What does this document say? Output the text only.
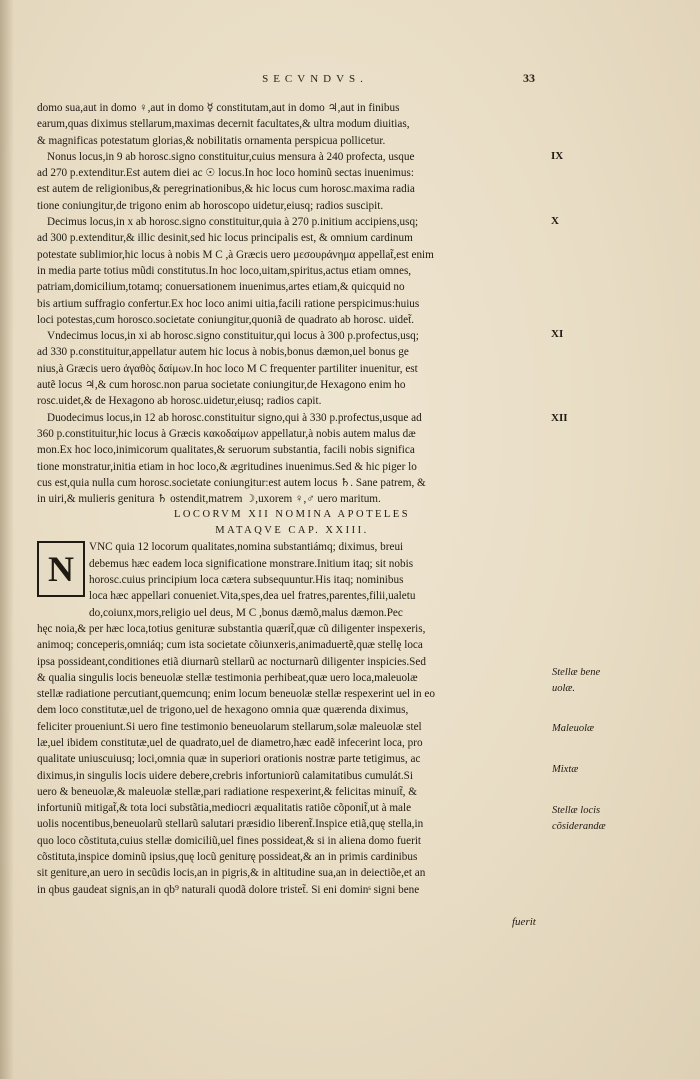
SECVNDVS.	33
domo sua,aut in domo ♀,aut in domo ☿ constitutam,aut in domo ♃,aut in finibus
earum,quas diximus stellarum,maximas decernit facultates,& ultra modum diuitias,
& magnificas potestatum glorias,& nobilitatis ornamenta perspicua pollicetur.
Nonus locus,in 9 ab horosc.signo constituitur,cuius mensura à 240 profecta, usque
ad 270 p.extenditur.Est autem diei ac ☉ locus.In hoc loco hominũ sectas inuenimus:
est autem de religionibus,& peregrinationibus,& hic locus cum horosc.maxima radia
tione coniungitur,de trigono enim ab horoscopo uidetur,eiusq; radios suscipit.
Decimus locus,in x ab horosc.signo constituitur,quia à 270 p.initium accipiens,usq;
ad 300 p.extenditur,& illic desinit,sed hic locus principalis est, & omnium cardinum
potestate sublimior,hic locus à nobis M C ,à Græcis uero μεσουράνημα appellat̃,est enim
in media parte totius mũdi constitutus.In hoc loco,uitam,spiritus,actus etiam omnes,
patriam,domicilium,totamq; conuersationem inuenimus,artes etiam,& quicquid no
bis artium suffragio confertur.Ex hoc loco animi uitia,facili ratione perspicimus:huius
loci potestas,cum horosco.societate coniungitur,quoniã de quadrato ab horosc. uidet̃.
Vndecimus locus,in xi ab horosc.signo constituitur,qui locus à 300 p.profectus,usq;
ad 330 p.constituitur,appellatur autem hic locus à nobis,bonus dæmon,uel bonus ge
nius,à Græcis uero ἀγαθὸς δαίμων.In hoc loco M C frequenter partiliter inuenitur, est
autẽ locus ♃,& cum horosc.non parua societate coniungitur,de Hexagono enim ho
rosc.uidet,& de Hexagono ab horosc.uidetur,eiusq; radios capit.
Duodecimus locus,in 12 ab horosc.constituitur signo,qui à 330 p.profectus,usque ad
360 p.constituitur,hic locus à Græcis κακοδαίμων appellatur,à nobis autem malus dæ
mon.Ex hoc loco,inimicorum qualitates,& seruorum substantia, facili nobis significa
tione monstratur,initia etiam in hoc loco,& ægritudines inuenimus.Sed & hic piger lo
cus est,quia nulla cum horosc.societate coniungitur:est autem locus ♄. Sane patrem, &
in uiri,& mulieris genitura ♄ ostendit,matrem ☽,uxorem ♀,♂ uero maritum.
LOCORVM XII NOMINA APOTELES
MATAQVE CAP. XXIII.
N
VNC quia 12 locorum qualitates,nomina substantiámq; diximus, breui
debemus hæc eadem loca significatione monstrare.Initium itaq; sit nobis
horosc.cuius principium loca cætera subsequuntur.His itaq; nominibus
loca hæc appellari conueniet.Vita,spes,dea uel fratres,parentes,filii,ualetu
do,coiunx,mors,religio uel deus, M C ,bonus dæmõ,malus dæmon.Pec
hęc noia,& per hæc loca,totius genituræ substantia quærit̃,quæ cũ diligenter inspexeris,
animoq; conceperis,omniáq; cum ista societate cõiunxeris,animaduertẽ,quæ stellę loca
ipsa possideant,conditiones etiã diurnarũ stellarũ ac nocturnarũ diligenter inspicies.Sed
& qualia singulis locis beneuolæ stellæ testimonia perhibeat,quæ uero loca,maleuolæ
stellæ radiatione percutiant,quemcunq; enim locum beneuolæ stellæ respexerint uel in eo
dem loco constitutæ,uel de trigono,uel de hexagono omnia quæ quærenda diximus,
feliciter proueniunt.Si uero fine testimonio beneuolarum stellarum,solæ maleuolæ stel
læ,uel ibidem constitutæ,uel de quadrato,uel de diametro,hæc eadẽ infecerint loca, pro
qualitate uniuscuiusq; loci,omnia quæ in superiori orationis nostræ parte tetigimus, ac
diximus,in singulis locis uidere debere,crebris infortuniorũ calamitatibus cumulát.Si
uero & beneuolæ,& maleuolæ stellæ,pari radiatione respexerint,& felicitas minuit̃, &
infortuniũ mitigat̃,& tota loci substãtia,mediocri æqualitatis ratiõe cõponit̃,ut à male
uolis nocentibus,beneuolarũ stellarũ salutari præsidio liberent̃.Inspice etiã,quę stella,in
quo loco cõstituta,cuius stellæ domiciliũ,uel fines possideat,& si in aliena domo fuerit
cõstituta,inspice dominũ ipsius,quę locũ geniturę possideat,& an in primis cardinibus
sit geniture,an uero in secũdis locis,an in pigris,& in altitudine sua,an in deiectiõe,et an
in qbus gaudeat signis,an in qb⁹ naturali quodã dolore tristet̃. Si eni dominˢ signi bene
IX
X
XI
XII
Stellæ bene
uolæ.
Maleuolæ
Mixtæ
Stellæ locis
cõsiderandæ
fuerit
